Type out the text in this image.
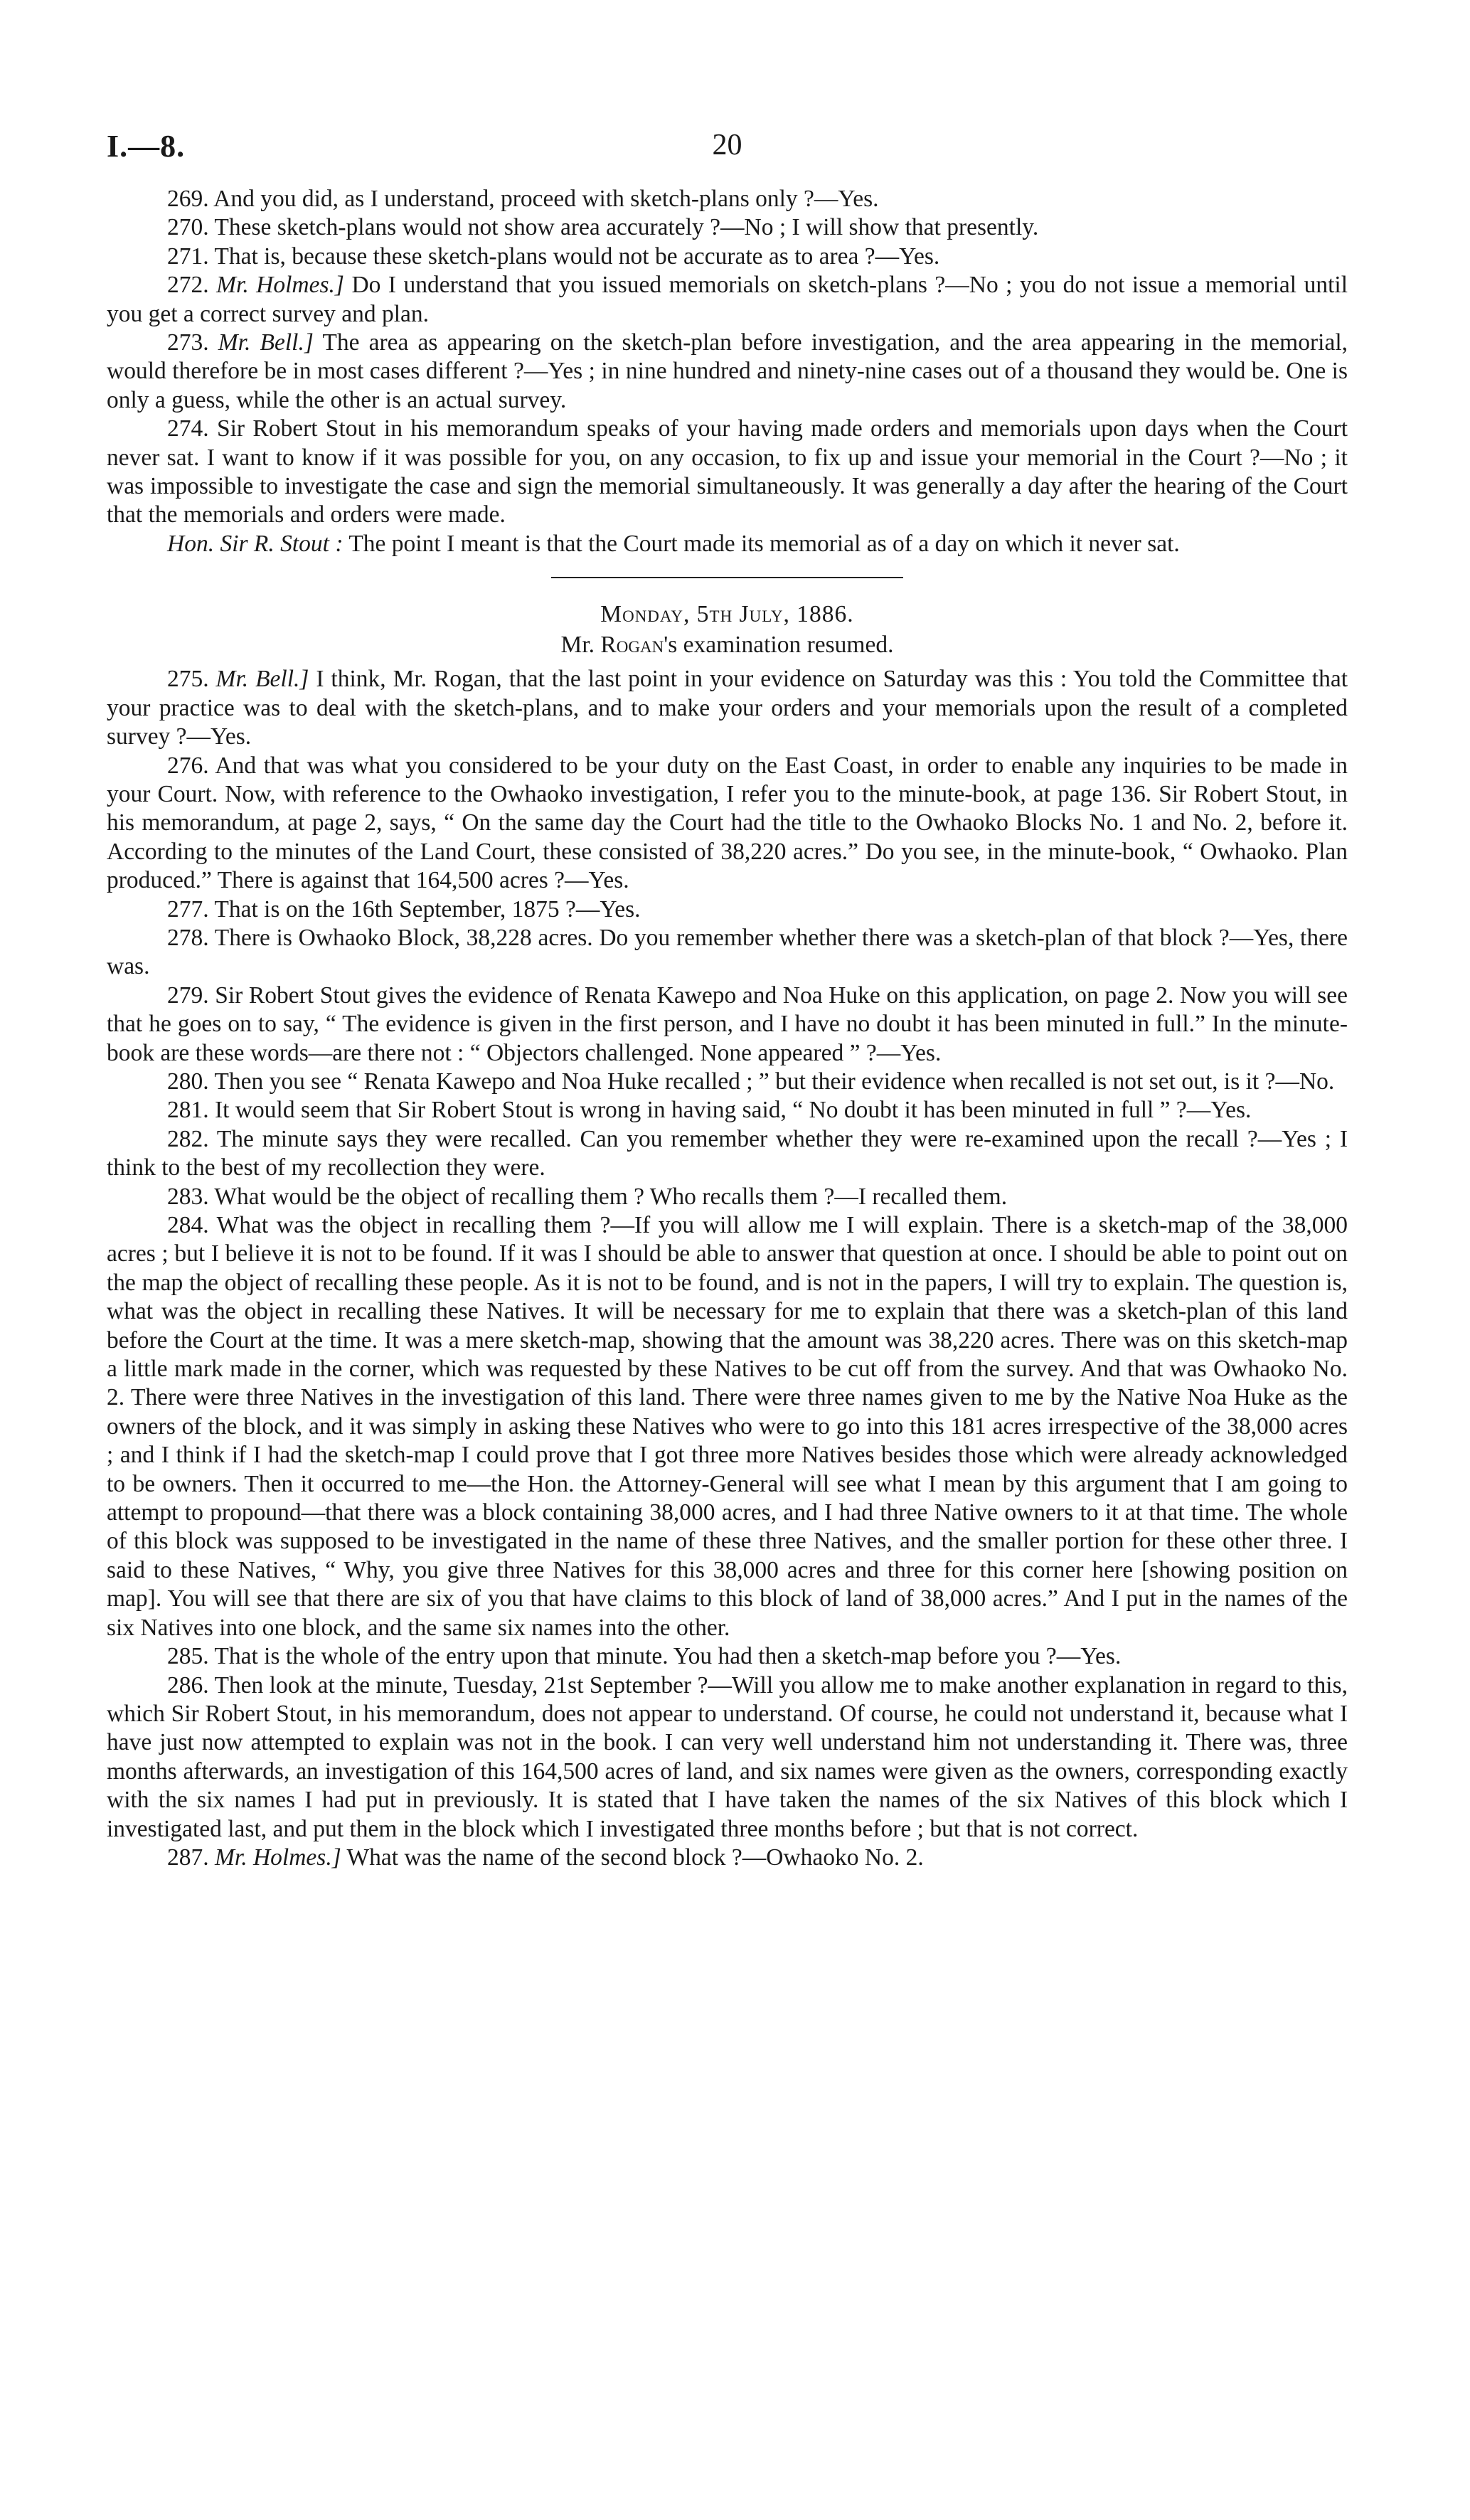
I.—8.	20

269. And you did, as I understand, proceed with sketch-plans only ?—Yes.

270. These sketch-plans would not show area accurately ?—No ; I will show that presently.

271. That is, because these sketch-plans would not be accurate as to area ?—Yes.

272. Mr. Holmes.] Do I understand that you issued memorials on sketch-plans ?—No ; you do not issue a memorial until you get a correct survey and plan.

273. Mr. Bell.] The area as appearing on the sketch-plan before investigation, and the area appearing in the memorial, would therefore be in most cases different ?—Yes ; in nine hundred and ninety-nine cases out of a thousand they would be. One is only a guess, while the other is an actual survey.

274. Sir Robert Stout in his memorandum speaks of your having made orders and memorials upon days when the Court never sat. I want to know if it was possible for you, on any occasion, to fix up and issue your memorial in the Court ?—No ; it was impossible to investigate the case and sign the memorial simultaneously. It was generally a day after the hearing of the Court that the memorials and orders were made.

Hon. Sir R. Stout : The point I meant is that the Court made its memorial as of a day on which it never sat.

Monday, 5th July, 1886.
Mr. Rogan's examination resumed.

275. Mr. Bell.] I think, Mr. Rogan, that the last point in your evidence on Saturday was this : You told the Committee that your practice was to deal with the sketch-plans, and to make your orders and your memorials upon the result of a completed survey ?—Yes.

276. And that was what you considered to be your duty on the East Coast, in order to enable any inquiries to be made in your Court. Now, with reference to the Owhaoko investigation, I refer you to the minute-book, at page 136. Sir Robert Stout, in his memorandum, at page 2, says, “ On the same day the Court had the title to the Owhaoko Blocks No. 1 and No. 2, before it. According to the minutes of the Land Court, these consisted of 38,220 acres.” Do you see, in the minute-book, “ Owhaoko. Plan produced.” There is against that 164,500 acres ?—Yes.

277. That is on the 16th September, 1875 ?—Yes.

278. There is Owhaoko Block, 38,228 acres. Do you remember whether there was a sketch-plan of that block ?—Yes, there was.

279. Sir Robert Stout gives the evidence of Renata Kawepo and Noa Huke on this application, on page 2. Now you will see that he goes on to say, “ The evidence is given in the first person, and I have no doubt it has been minuted in full.” In the minute-book are these words—are there not : “ Objectors challenged. None appeared ” ?—Yes.

280. Then you see “ Renata Kawepo and Noa Huke recalled ; ” but their evidence when recalled is not set out, is it ?—No.

281. It would seem that Sir Robert Stout is wrong in having said, “ No doubt it has been minuted in full ” ?—Yes.

282. The minute says they were recalled. Can you remember whether they were re-examined upon the recall ?—Yes ; I think to the best of my recollection they were.

283. What would be the object of recalling them ? Who recalls them ?—I recalled them.

284. What was the object in recalling them ?—If you will allow me I will explain. There is a sketch-map of the 38,000 acres ; but I believe it is not to be found. If it was I should be able to answer that question at once. I should be able to point out on the map the object of recalling these people. As it is not to be found, and is not in the papers, I will try to explain. The question is, what was the object in recalling these Natives. It will be necessary for me to explain that there was a sketch-plan of this land before the Court at the time. It was a mere sketch-map, showing that the amount was 38,220 acres. There was on this sketch-map a little mark made in the corner, which was requested by these Natives to be cut off from the survey. And that was Owhaoko No. 2. There were three Natives in the investigation of this land. There were three names given to me by the Native Noa Huke as the owners of the block, and it was simply in asking these Natives who were to go into this 181 acres irrespective of the 38,000 acres ; and I think if I had the sketch-map I could prove that I got three more Natives besides those which were already acknowledged to be owners. Then it occurred to me—the Hon. the Attorney-General will see what I mean by this argument that I am going to attempt to propound—that there was a block containing 38,000 acres, and I had three Native owners to it at that time. The whole of this block was supposed to be investigated in the name of these three Natives, and the smaller portion for these other three. I said to these Natives, “ Why, you give three Natives for this 38,000 acres and three for this corner here [showing position on map]. You will see that there are six of you that have claims to this block of land of 38,000 acres.” And I put in the names of the six Natives into one block, and the same six names into the other.

285. That is the whole of the entry upon that minute. You had then a sketch-map before you ?—Yes.

286. Then look at the minute, Tuesday, 21st September ?—Will you allow me to make another explanation in regard to this, which Sir Robert Stout, in his memorandum, does not appear to understand. Of course, he could not understand it, because what I have just now attempted to explain was not in the book. I can very well understand him not understanding it. There was, three months afterwards, an investigation of this 164,500 acres of land, and six names were given as the owners, corresponding exactly with the six names I had put in previously. It is stated that I have taken the names of the six Natives of this block which I investigated last, and put them in the block which I investigated three months before ; but that is not correct.

287. Mr. Holmes.] What was the name of the second block ?—Owhaoko No. 2.
